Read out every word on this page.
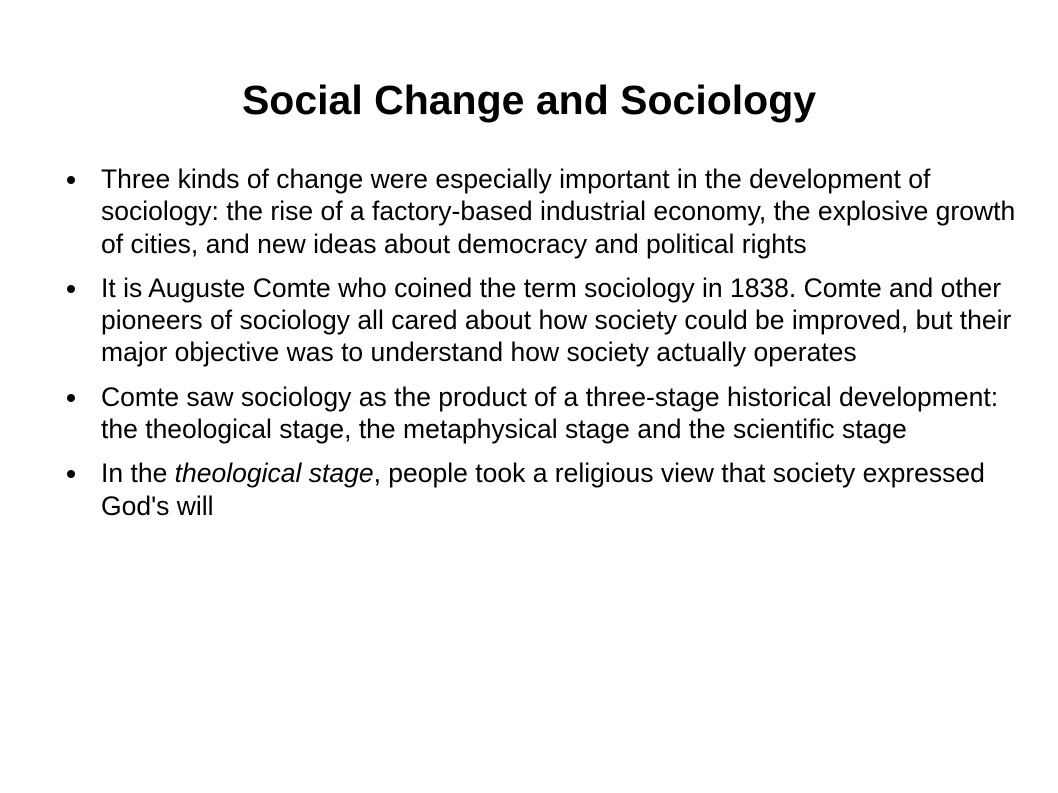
Social Change and Sociology
Three kinds of change were especially important in the development of sociology: the rise of a factory-based industrial economy, the explosive growth of cities, and new ideas about democracy and political rights
It is Auguste Comte who coined the term sociology in 1838. Comte and other pioneers of sociology all cared about how society could be improved, but their major objective was to understand how society actually operates
Comte saw sociology as the product of a three-stage historical development: the theological stage, the metaphysical stage and the scientific stage
In the theological stage, people took a religious view that society expressed God's will
